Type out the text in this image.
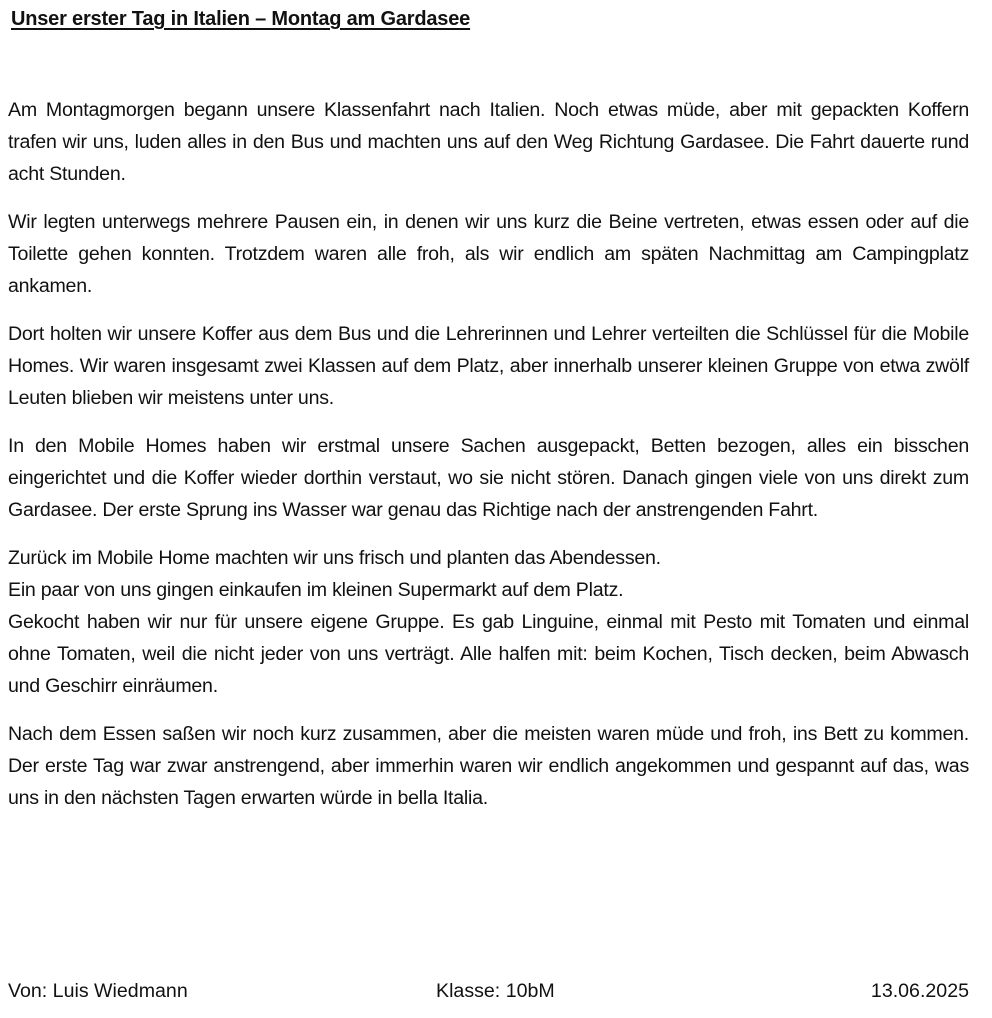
Unser erster Tag in Italien – Montag am Gardasee

Am Montagmorgen begann unsere Klassenfahrt nach Italien. Noch etwas müde, aber mit gepackten Koffern trafen wir uns, luden alles in den Bus und machten uns auf den Weg Richtung Gardasee. Die Fahrt dauerte rund acht Stunden.

Wir legten unterwegs mehrere Pausen ein, in denen wir uns kurz die Beine vertreten, etwas essen oder auf die Toilette gehen konnten. Trotzdem waren alle froh, als wir endlich am späten Nachmittag am Campingplatz ankamen.

Dort holten wir unsere Koffer aus dem Bus und die Lehrerinnen und Lehrer verteilten die Schlüssel für die Mobile Homes. Wir waren insgesamt zwei Klassen auf dem Platz, aber innerhalb unserer kleinen Gruppe von etwa zwölf Leuten blieben wir meistens unter uns.

In den Mobile Homes haben wir erstmal unsere Sachen ausgepackt, Betten bezogen, alles ein bisschen eingerichtet und die Koffer wieder dorthin verstaut, wo sie nicht stören. Danach gingen viele von uns direkt zum Gardasee. Der erste Sprung ins Wasser war genau das Richtige nach der anstrengenden Fahrt.

Zurück im Mobile Home machten wir uns frisch und planten das Abendessen.
Ein paar von uns gingen einkaufen im kleinen Supermarkt auf dem Platz.
Gekocht haben wir nur für unsere eigene Gruppe. Es gab Linguine, einmal mit Pesto mit Tomaten und einmal ohne Tomaten, weil die nicht jeder von uns verträgt. Alle halfen mit: beim Kochen, Tisch decken, beim Abwasch und Geschirr einräumen.

Nach dem Essen saßen wir noch kurz zusammen, aber die meisten waren müde und froh, ins Bett zu kommen. Der erste Tag war zwar anstrengend, aber immerhin waren wir endlich angekommen und gespannt auf das, was uns in den nächsten Tagen erwarten würde in bella Italia.

Von: Luis Wiedmann	Klasse: 10bM	13.06.2025
